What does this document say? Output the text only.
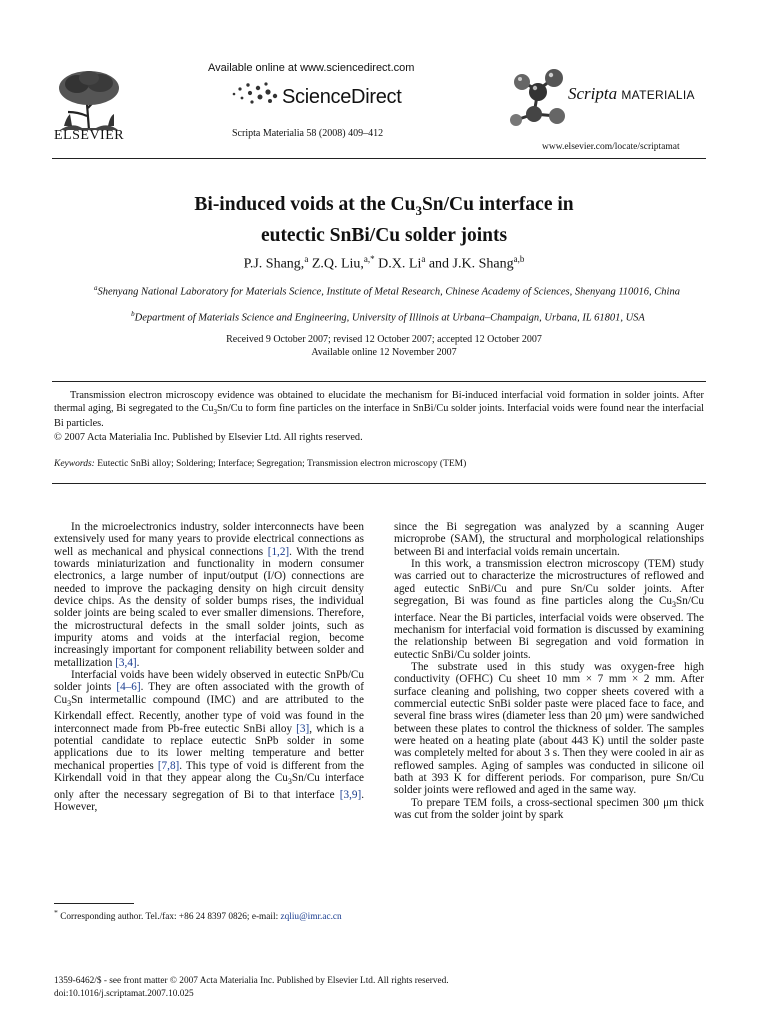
ELSEVIER
Available online at www.sciencedirect.com
ScienceDirect
Scripta Materialia 58 (2008) 409–412
Scripta MATERIALIA
www.elsevier.com/locate/scriptamat
Bi-induced voids at the $Cu_3Sn/Cu$ interface in
eutectic SnBi/Cu solder joints
P.J. Shang,$^a$ Z.Q. Liu,$^{a,*}$ D.X. Li$^a$ and J.K. Shang$^{a,b}$
$^a$Shenyang National Laboratory for Materials Science, Institute of Metal Research, Chinese Academy of Sciences, Shenyang 110016, China
$^b$Department of Materials Science and Engineering, University of Illinois at Urbana–Champaign, Urbana, IL 61801, USA
Received 9 October 2007; revised 12 October 2007; accepted 12 October 2007
Available online 12 November 2007

Transmission electron microscopy evidence was obtained to elucidate the mechanism for Bi-induced interfacial void formation in solder joints. After thermal aging, Bi segregated to the $Cu_3Sn/Cu$ to form fine particles on the interface in SnBi/Cu solder joints. Interfacial voids were found near the interfacial Bi particles.

© 2007 Acta Materialia Inc. Published by Elsevier Ltd. All rights reserved.
Keywords: Eutectic SnBi alloy; Soldering; Interface; Segregation; Transmission electron microscopy (TEM)

In the microelectronics industry, solder interconnects have been extensively used for many years to provide electrical connections as well as mechanical and physical connections [1,2]. With the trend towards miniaturization and functionality in modern consumer electronics, a large number of input/output (I/O) connections are needed to improve the packaging density on high circuit density device chips. As the density of solder bumps rises, the individual solder joints are being scaled to ever smaller dimensions. Therefore, the microstructural defects in the small solder joints, such as impurity atoms and voids at the interfacial region, become increasingly important for component reliability between solder and metallization [3,4].

Interfacial voids have been widely observed in eutectic SnPb/Cu solder joints [4–6]. They are often associated with the growth of $Cu_3Sn$ intermetallic compound (IMC) and are attributed to the Kirkendall effect. Recently, another type of void was found in the interconnect made from Pb-free eutectic SnBi alloy [3], which is a potential candidate to replace eutectic SnPb solder in some applications due to its lower melting temperature and better mechanical properties [7,8]. This type of void is different from the Kirkendall void in that they appear along the $Cu_3Sn/Cu$ interface only after the necessary segregation of Bi to that interface [3,9]. However,

since the Bi segregation was analyzed by a scanning Auger microprobe (SAM), the structural and morphological relationships between Bi and interfacial voids remain uncertain.

In this work, a transmission electron microscopy (TEM) study was carried out to characterize the microstructures of reflowed and aged eutectic SnBi/Cu and pure Sn/Cu solder joints. After segregation, Bi was found as fine particles along the $Cu_3Sn/Cu$ interface. Near the Bi particles, interfacial voids were observed. The mechanism for interfacial void formation is discussed by examining the relationship between Bi segregation and void formation in eutectic SnBi/Cu solder joints.

The substrate used in this study was oxygen-free high conductivity (OFHC) Cu sheet 10 mm × 7 mm × 2 mm. After surface cleaning and polishing, two copper sheets covered with a commercial eutectic SnBi solder paste were placed face to face, and several fine brass wires (diameter less than 20 μm) were sandwiched between these plates to control the thickness of solder. The samples were heated on a heating plate (about 443 K) until the solder paste was completely melted for about 3 s. Then they were cooled in air as reflowed samples. Aging of samples was conducted in silicone oil bath at 393 K for different periods. For comparison, pure Sn/Cu solder joints were reflowed and aged in the same way.

To prepare TEM foils, a cross-sectional specimen 300 μm thick was cut from the solder joint by spark

* Corresponding author. Tel./fax: +86 24 8397 0826; e-mail: zqliu@imr.ac.cn
1359-6462/$ - see front matter © 2007 Acta Materialia Inc. Published by Elsevier Ltd. All rights reserved.
doi:10.1016/j.scriptamat.2007.10.025
